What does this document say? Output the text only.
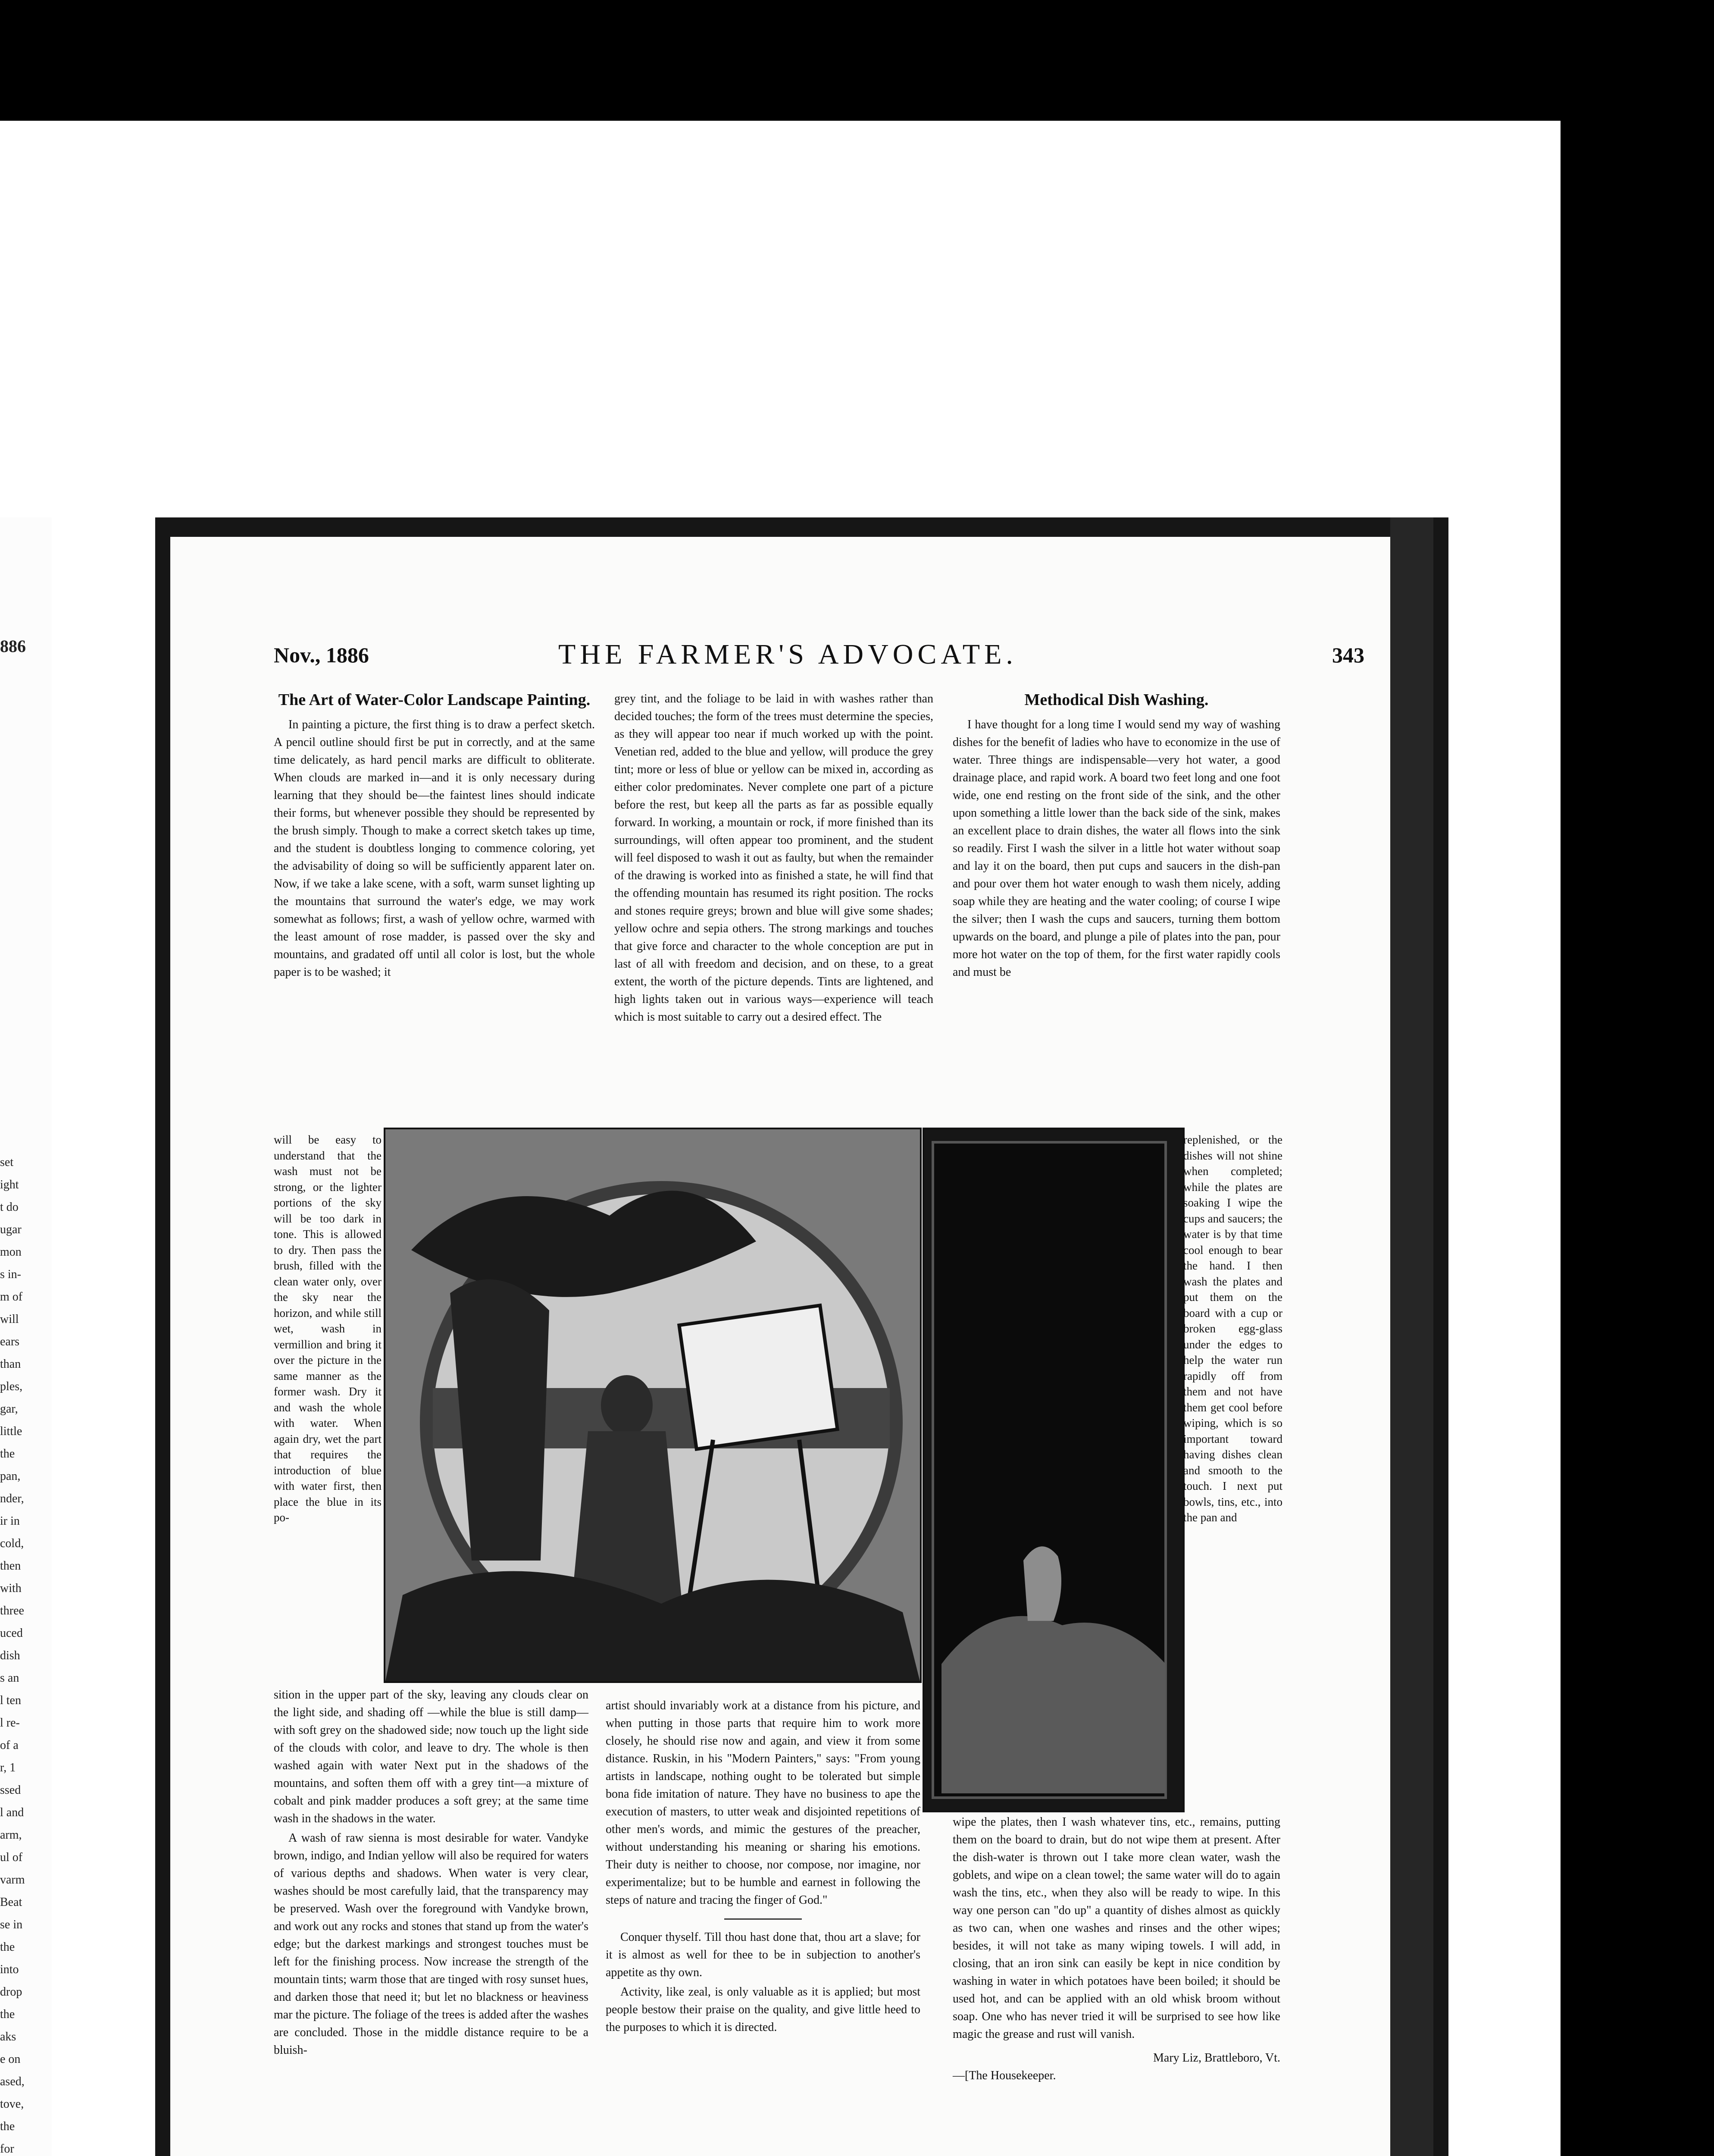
set
ight
t do
ugar
mon
s in-
m of
will
ears
than
ples,
gar,
little
the
pan,
nder,
ir in
cold,
then
with
three
uced
dish
s an
l ten
l re-
of a
r, 1
ssed
l and
arm,
ul of
varm
Beat
se in
the
into
drop
the
aks
e on
ased,
tove,
the
for
Nov., 1886	THE FARMER'S ADVOCATE.	343
The Art of Water-Color Landscape Painting.

In painting a picture, the first thing is to draw a perfect sketch. A pencil outline should first be put in correctly, and at the same time delicately, as hard pencil marks are difficult to obliterate. When clouds are marked in—and it is only necessary during learning that they should be—the faintest lines should indicate their forms, but whenever possible they should be represented by the brush simply. Though to make a correct sketch takes up time, and the student is doubtless longing to commence coloring, yet the advisability of doing so will be sufficiently apparent later on. Now, if we take a lake scene, with a soft, warm sunset lighting up the mountains that surround the water's edge, we may work somewhat as follows; first, a wash of yellow ochre, warmed with the least amount of rose madder, is passed over the sky and mountains, and gradated off until all color is lost, but the whole paper is to be washed; it

will be easy to understand that the wash must not be strong, or the lighter portions of the sky will be too dark in tone. This is allowed to dry. Then pass the brush, filled with the clean water only, over the sky near the horizon, and while still wet, wash in vermillion and bring it over the picture in the same manner as the former wash. Dry it and wash the whole with water. When again dry, wet the part that requires the introduction of blue with water first, then place the blue in its po-

sition in the upper part of the sky, leaving any clouds clear on the light side, and shading off —while the blue is still damp—with soft grey on the shadowed side; now touch up the light side of the clouds with color, and leave to dry. The whole is then washed again with water Next put in the shadows of the mountains, and soften them off with a grey tint—a mixture of cobalt and pink madder produces a soft grey; at the same time wash in the shadows in the water.

A wash of raw sienna is most desirable for water. Vandyke brown, indigo, and Indian yellow will also be required for waters of various depths and shadows. When water is very clear, washes should be most carefully laid, that the transparency may be preserved. Wash over the foreground with Vandyke brown, and work out any rocks and stones that stand up from the water's edge; but the darkest markings and strongest touches must be left for the finishing process. Now increase the strength of the mountain tints; warm those that are tinged with rosy sunset hues, and darken those that need it; but let no blackness or heaviness mar the picture. The foliage of the trees is added after the washes are concluded. Those in the middle distance require to be a bluish-

grey tint, and the foliage to be laid in with washes rather than decided touches; the form of the trees must determine the species, as they will appear too near if much worked up with the point. Venetian red, added to the blue and yellow, will produce the grey tint; more or less of blue or yellow can be mixed in, according as either color predominates. Never complete one part of a picture before the rest, but keep all the parts as far as possible equally forward. In working, a mountain or rock, if more finished than its surroundings, will often appear too prominent, and the student will feel disposed to wash it out as faulty, but when the remainder of the drawing is worked into as finished a state, he will find that the offending mountain has resumed its right position. The rocks and stones require greys; brown and blue will give some shades; yellow ochre and sepia others. The strong markings and touches that give force and character to the whole conception are put in last of all with freedom and decision, and on these, to a great extent, the worth of the picture depends. Tints are lightened, and high lights taken out in various ways—experience will teach which is most suitable to carry out a desired effect. The

artist should invariably work at a distance from his picture, and when putting in those parts that require him to work more closely, he should rise now and again, and view it from some distance. Ruskin, in his "Modern Painters," says: "From young artists in landscape, nothing ought to be tolerated but simple bona fide imitation of nature. They have no business to ape the execution of masters, to utter weak and disjointed repetitions of other men's words, and mimic the gestures of the preacher, without understanding his meaning or sharing his emotions. Their duty is neither to choose, nor compose, nor imagine, nor experimentalize; but to be humble and earnest in following the steps of nature and tracing the finger of God."

Conquer thyself. Till thou hast done that, thou art a slave; for it is almost as well for thee to be in subjection to another's appetite as thy own.

Activity, like zeal, is only valuable as it is applied; but most people bestow their praise on the quality, and give little heed to the purposes to which it is directed.

Methodical Dish Washing.

I have thought for a long time I would send my way of washing dishes for the benefit of ladies who have to economize in the use of water. Three things are indispensable—very hot water, a good drainage place, and rapid work. A board two feet long and one foot wide, one end resting on the front side of the sink, and the other upon something a little lower than the back side of the sink, makes an excellent place to drain dishes, the water all flows into the sink so readily. First I wash the silver in a little hot water without soap and lay it on the board, then put cups and saucers in the dish-pan and pour over them hot water enough to wash them nicely, adding soap while they are heating and the water cooling; of course I wipe the silver; then I wash the cups and saucers, turning them bottom upwards on the board, and plunge a pile of plates into the pan, pour more hot water on the top of them, for the first water rapidly cools and must be

replenished, or the dishes will not shine when completed; while the plates are soaking I wipe the cups and saucers; the water is by that time cool enough to bear the hand. I then wash the plates and put them on the board with a cup or broken egg-glass under the edges to help the water run rapidly off from them and not have them get cool before wiping, which is so important toward having dishes clean and smooth to the touch. I next put bowls, tins, etc., into the pan and

wipe the plates, then I wash whatever tins, etc., remains, putting them on the board to drain, but do not wipe them at present. After the dish-water is thrown out I take more clean water, wash the goblets, and wipe on a clean towel; the same water will do to again wash the tins, etc., when they also will be ready to wipe. In this way one person can "do up" a quantity of dishes almost as quickly as two can, when one washes and rinses and the other wipes; besides, it will not take as many wiping towels. I will add, in closing, that an iron sink can easily be kept in nice condition by washing in water in which potatoes have been boiled; it should be used hot, and can be applied with an old whisk broom without soap. One who has never tried it will be surprised to see how like magic the grease and rust will vanish.

Mary Liz, Brattleboro, Vt.
—[The Housekeeper.
886
